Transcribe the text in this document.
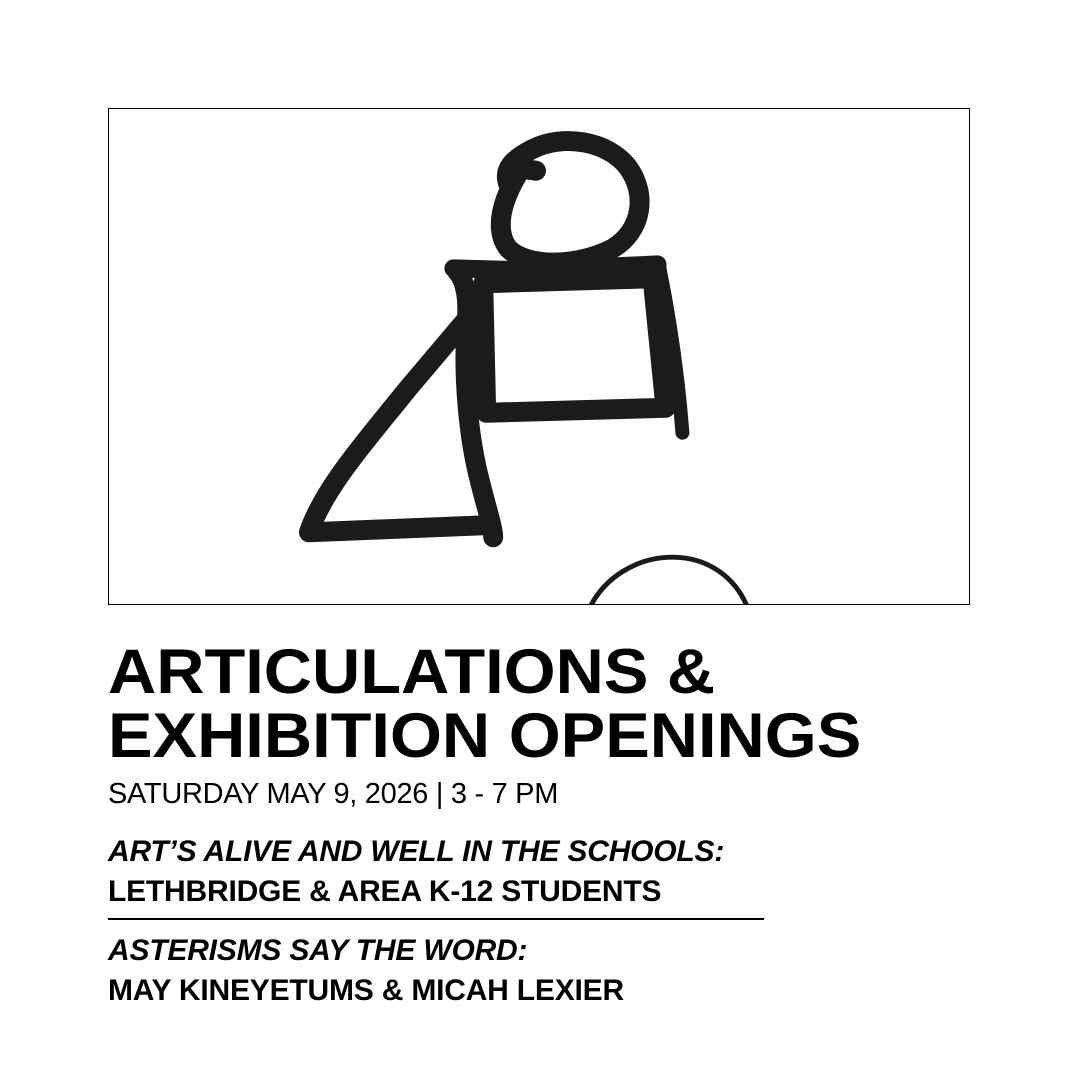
ARTICULATIONS &
EXHIBITION OPENINGS
SATURDAY MAY 9, 2026 | 3 - 7 PM
ART’S ALIVE AND WELL IN THE SCHOOLS:
LETHBRIDGE & AREA K-12 STUDENTS
ASTERISMS SAY THE WORD:
MAY KINEYETUMS & MICAH LEXIER
